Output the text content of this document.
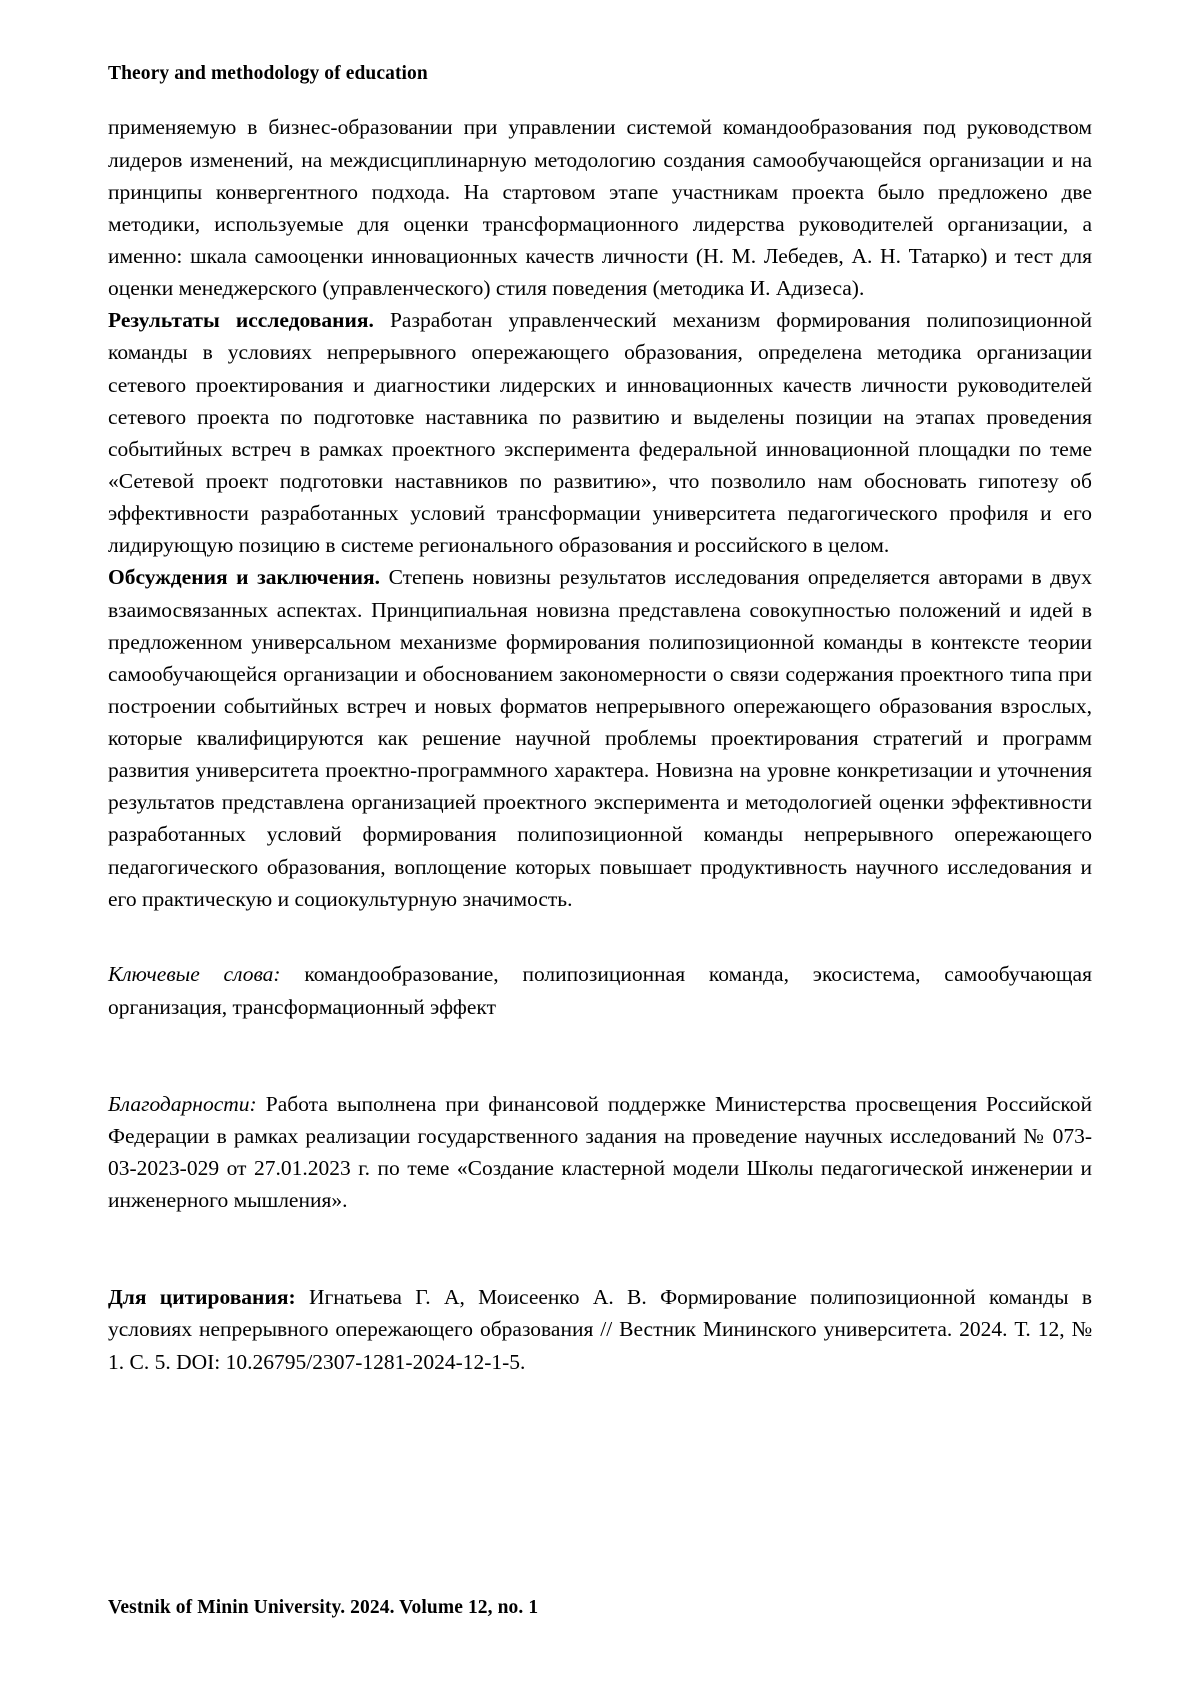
Theory and methodology of education

применяемую в бизнес-образовании при управлении системой командообразования под руководством лидеров изменений, на междисциплинарную методологию создания самообучающейся организации и на принципы конвергентного подхода. На стартовом этапе участникам проекта было предложено две методики, используемые для оценки трансформационного лидерства руководителей организации, а именно: шкала самооценки инновационных качеств личности (Н. М. Лебедев, А. Н. Татарко) и тест для оценки менеджерского (управленческого) стиля поведения (методика И. Адизеса).

Результаты исследования. Разработан управленческий механизм формирования полипозиционной команды в условиях непрерывного опережающего образования, определена методика организации сетевого проектирования и диагностики лидерских и инновационных качеств личности руководителей сетевого проекта по подготовке наставника по развитию и выделены позиции на этапах проведения событийных встреч в рамках проектного эксперимента федеральной инновационной площадки по теме «Сетевой проект подготовки наставников по развитию», что позволило нам обосновать гипотезу об эффективности разработанных условий трансформации университета педагогического профиля и его лидирующую позицию в системе регионального образования и российского в целом.

Обсуждения и заключения. Степень новизны результатов исследования определяется авторами в двух взаимосвязанных аспектах. Принципиальная новизна представлена совокупностью положений и идей в предложенном универсальном механизме формирования полипозиционной команды в контексте теории самообучающейся организации и обоснованием закономерности о связи содержания проектного типа при построении событийных встреч и новых форматов непрерывного опережающего образования взрослых, которые квалифицируются как решение научной проблемы проектирования стратегий и программ развития университета проектно-программного характера. Новизна на уровне конкретизации и уточнения результатов представлена организацией проектного эксперимента и методологией оценки эффективности разработанных условий формирования полипозиционной команды непрерывного опережающего педагогического образования, воплощение которых повышает продуктивность научного исследования и его практическую и социокультурную значимость.

Ключевые слова: командообразование, полипозиционная команда, экосистема, самообучающая организация, трансформационный эффект

Благодарности: Работа выполнена при финансовой поддержке Министерства просвещения Российской Федерации в рамках реализации государственного задания на проведение научных исследований № 073-03-2023-029 от 27.01.2023 г. по теме «Создание кластерной модели Школы педагогической инженерии и инженерного мышления».

Для цитирования: Игнатьева Г. А, Моисеенко А. В. Формирование полипозиционной команды в условиях непрерывного опережающего образования // Вестник Мининского университета. 2024. Т. 12, № 1. С. 5. DOI: 10.26795/2307-1281-2024-12-1-5.

Vestnik of Minin University. 2024. Volume 12, no. 1
